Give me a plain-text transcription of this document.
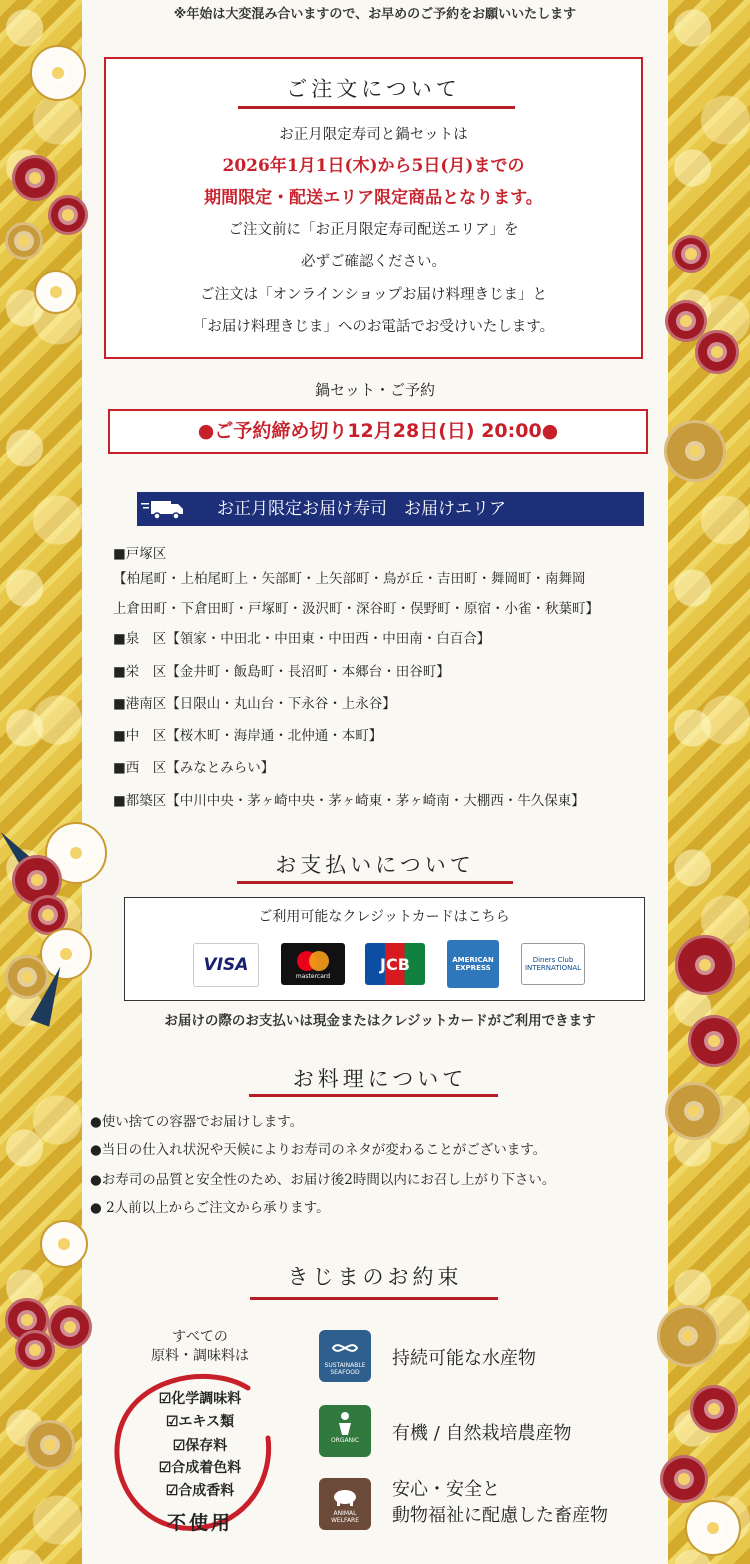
※年始は大変混み合いますので、お早めのご予約をお願いいたします
ご注文について
お正月限定寿司と鍋セットは
2026年1月1日(木)から5日(月)までの
期間限定・配送エリア限定商品となります。
ご注文前に「お正月限定寿司配送エリア」を
必ずご確認ください。
ご注文は「オンラインショップお届け料理きじま」と
「お届け料理きじま」へのお電話でお受けいたします。
鍋セット・ご予約
●ご予約締め切り12月28日(日) 20:00●
お正月限定お届け寿司　お届けエリア
■戸塚区
【柏尾町・上柏尾町上・矢部町・上矢部町・鳥が丘・吉田町・舞岡町・南舞岡
上倉田町・下倉田町・戸塚町・汲沢町・深谷町・俣野町・原宿・小雀・秋葉町】
■泉　区【領家・中田北・中田東・中田西・中田南・白百合】
■栄　区【金井町・飯島町・長沼町・本郷台・田谷町】
■港南区【日限山・丸山台・下永谷・上永谷】
■中　区【桜木町・海岸通・北仲通・本町】
■西　区【みなとみらい】
■都築区【中川中央・茅ヶ崎中央・茅ヶ崎東・茅ヶ崎南・大棚西・牛久保東】
お支払いについて
ご利用可能なクレジットカードはこちら
VISA
mastercard
JCB	AMERICAN EXPRESS
Diners Club INTERNATIONAL
お届けの際のお支払いは現金またはクレジットカードがご利用できます
お料理について
●使い捨ての容器でお届けします。
●当日の仕入れ状況や天候によりお寿司のネタが変わることがございます。
●お寿司の品質と安全性のため、お届け後2時間以内にお召し上がり下さい。
● 2人前以上からご注文から承ります。
きじまのお約束
すべての
原料・調味料は
☑化学調味料
☑エキス類
☑保存料
☑合成着色料
☑合成香料
不使用
SUSTAINABLE SEAFOOD
持続可能な水産物
ORGANIC	有機 / 自然栽培農産物
ANIMAL WELFARE
安心・安全と
動物福祉に配慮した畜産物
